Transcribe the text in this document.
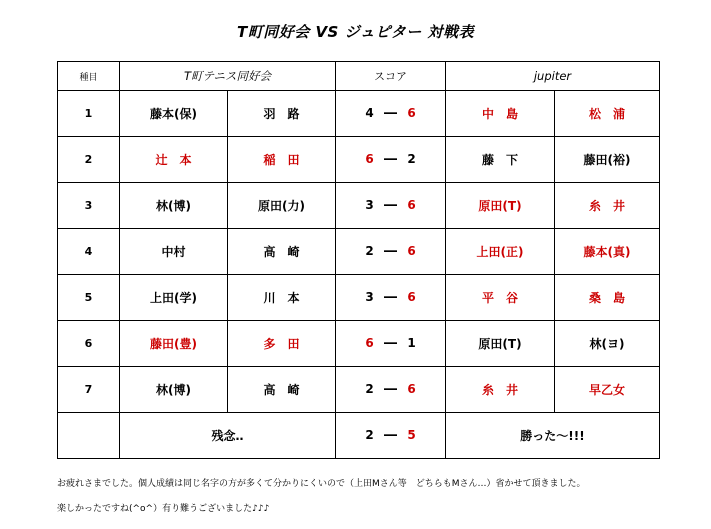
T町同好会 VS ジュピター 対戦表
種目	T町テニス同好会		スコア	jupiter	
1	藤本(保)	羽　路	4 ― 6	中　島	松　浦
2	辻　本	稲　田	6 ― 2	藤　下	藤田(裕)
3	林(博)	原田(力)	3 ― 6	原田(T)	糸　井
4	中村	高　崎	2 ― 6	上田(正)	藤本(真)
5	上田(学)	川　本	3 ― 6	平　谷	桑　島
6	藤田(豊)	多　田	6 ― 1	原田(T)	林(ヨ)
7	林(博)	高　崎	2 ― 6	糸　井	早乙女
	残念‥		2 ― 5	勝った～!!!	
お疲れさまでした。個人成績は同じ名字の方が多くて分かりにくいので（上田Mさん等　どちらもMさん…）省かせて頂きました。
楽しかったですね(^o^）有り難うございました♪♪♪
